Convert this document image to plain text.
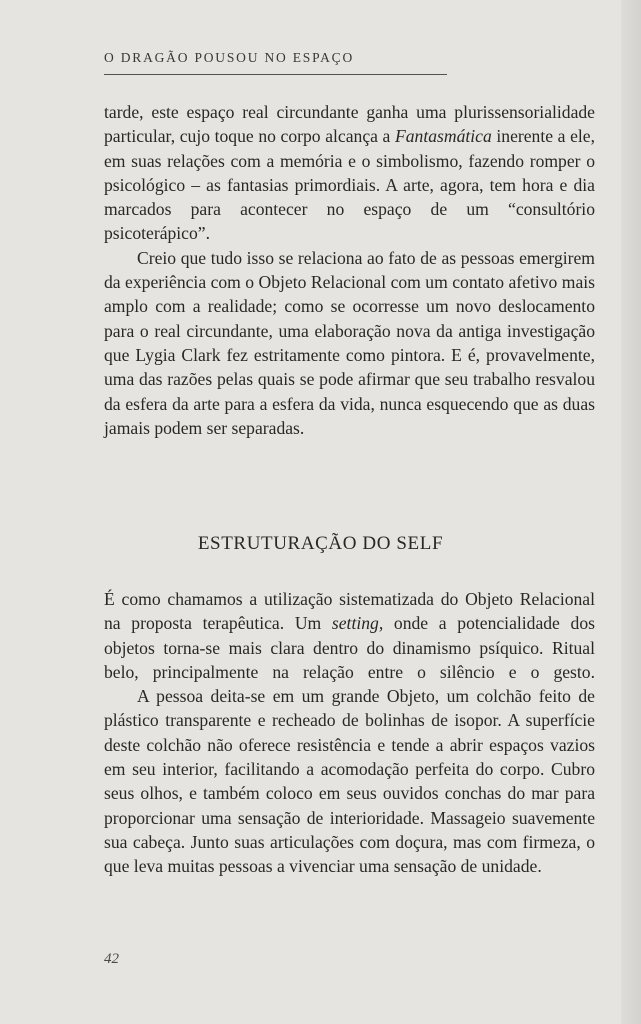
O DRAGÃO POUSOU NO ESPAÇO

tarde, este espaço real circundante ganha uma plurissensorialidade particular, cujo toque no corpo alcança a Fantasmática inerente a ele, em suas relações com a memória e o simbolismo, fazendo romper o psicológico – as fantasias primordiais. A arte, agora, tem hora e dia marcados para acontecer no espaço de um “consultório psicoterápico”.

Creio que tudo isso se relaciona ao fato de as pessoas emergirem da experiência com o Objeto Relacional com um contato afetivo mais amplo com a realidade; como se ocorresse um novo deslocamento para o real circundante, uma elaboração nova da antiga investigação que Lygia Clark fez estritamente como pintora. E é, provavelmente, uma das razões pelas quais se pode afirmar que seu trabalho resvalou da esfera da arte para a esfera da vida, nunca esquecendo que as duas jamais podem ser separadas.

ESTRUTURAÇÃO DO SELF

É como chamamos a utilização sistematizada do Objeto Relacional na proposta terapêutica. Um setting, onde a potencialidade dos objetos torna-se mais clara dentro do dinamismo psíquico. Ritual belo, principalmente na relação entre o silêncio e o gesto.

A pessoa deita-se em um grande Objeto, um colchão feito de plástico transparente e recheado de bolinhas de isopor. A superfície deste colchão não oferece resistência e tende a abrir espaços vazios em seu interior, facilitando a acomodação perfeita do corpo. Cubro seus olhos, e também coloco em seus ouvidos conchas do mar para proporcionar uma sensação de interioridade. Massageio suavemente sua cabeça. Junto suas articulações com doçura, mas com firmeza, o que leva muitas pessoas a vivenciar uma sensação de unidade.

42
